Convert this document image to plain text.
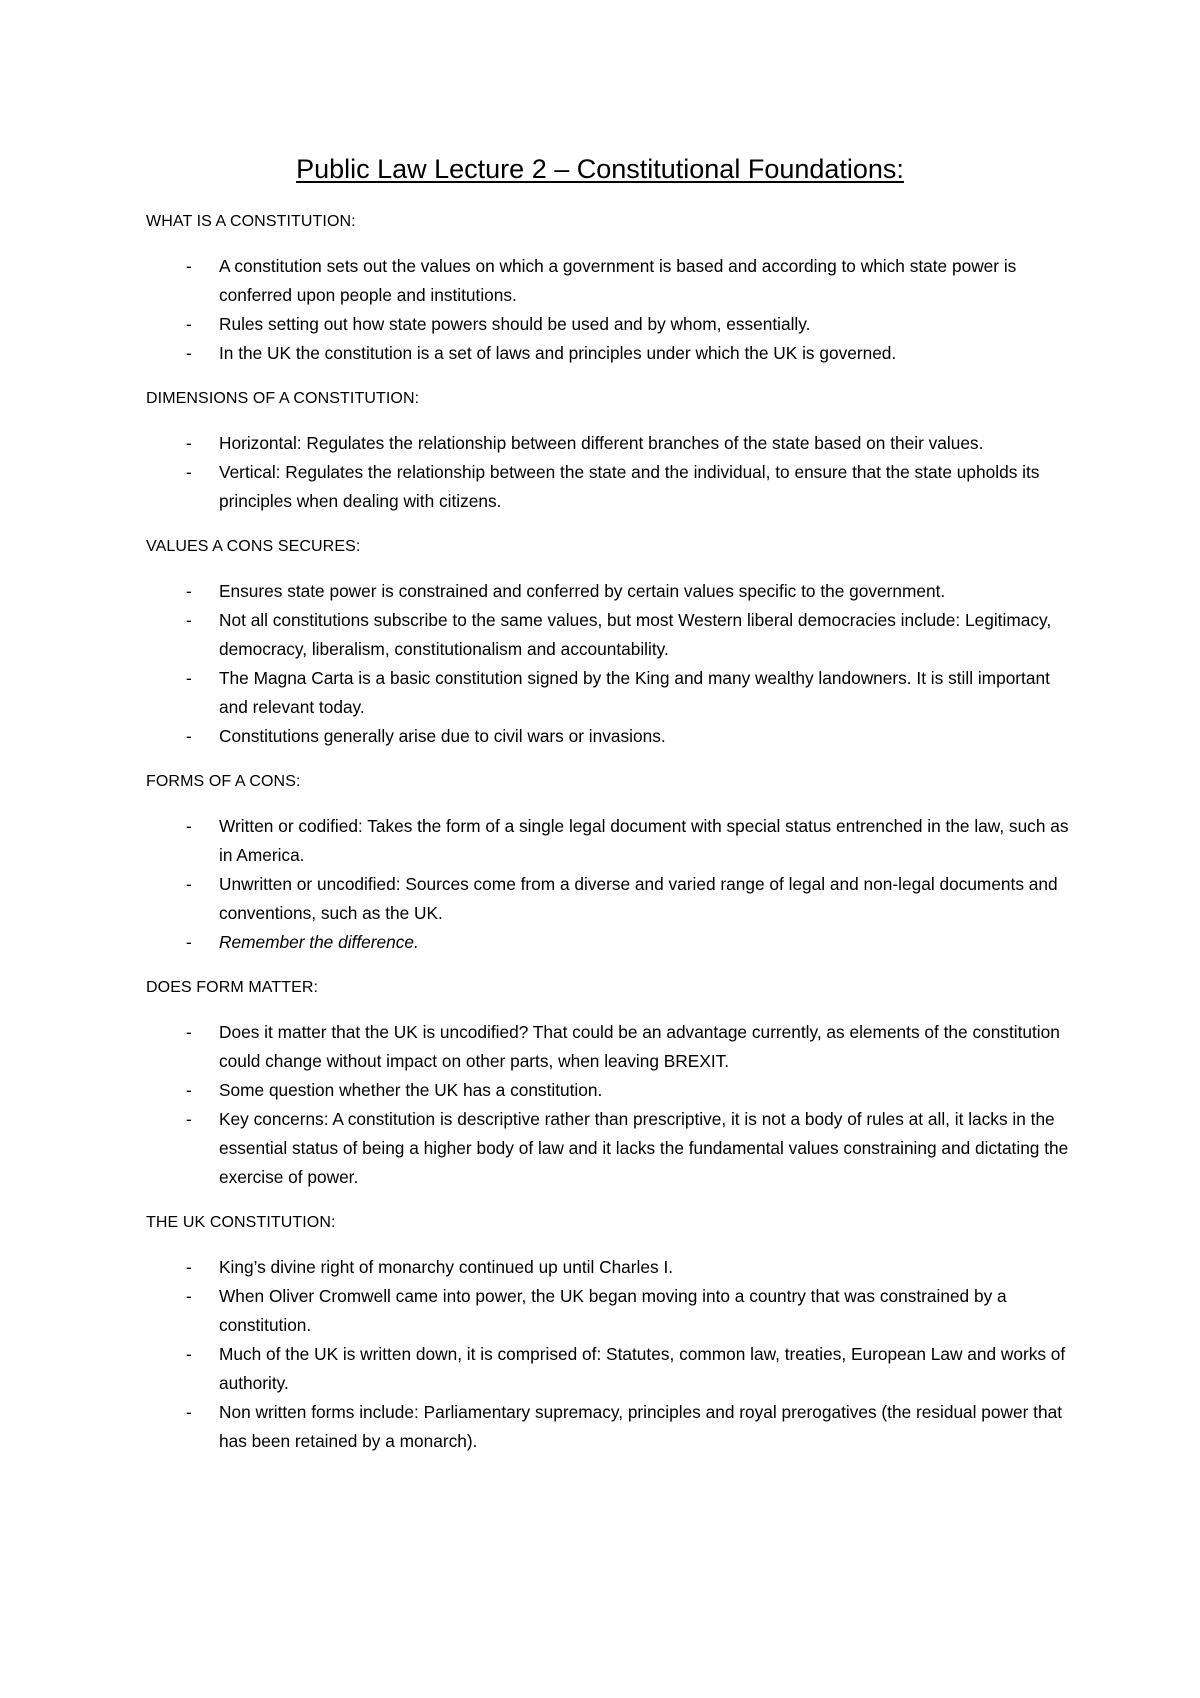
Public Law Lecture 2 – Constitutional Foundations:
WHAT IS A CONSTITUTION:
- A constitution sets out the values on which a government is based and according to which state power is conferred upon people and institutions.
- Rules setting out how state powers should be used and by whom, essentially.
- In the UK the constitution is a set of laws and principles under which the UK is governed.
DIMENSIONS OF A CONSTITUTION:
- Horizontal: Regulates the relationship between different branches of the state based on their values.
- Vertical: Regulates the relationship between the state and the individual, to ensure that the state upholds its principles when dealing with citizens.
VALUES A CONS SECURES:
- Ensures state power is constrained and conferred by certain values specific to the government.
- Not all constitutions subscribe to the same values, but most Western liberal democracies include: Legitimacy, democracy, liberalism, constitutionalism and accountability.
- The Magna Carta is a basic constitution signed by the King and many wealthy landowners. It is still important and relevant today.
- Constitutions generally arise due to civil wars or invasions.
FORMS OF A CONS:
- Written or codified: Takes the form of a single legal document with special status entrenched in the law, such as in America.
- Unwritten or uncodified: Sources come from a diverse and varied range of legal and non-legal documents and conventions, such as the UK.
- Remember the difference.
DOES FORM MATTER:
- Does it matter that the UK is uncodified? That could be an advantage currently, as elements of the constitution could change without impact on other parts, when leaving BREXIT.
- Some question whether the UK has a constitution.
- Key concerns: A constitution is descriptive rather than prescriptive, it is not a body of rules at all, it lacks in the essential status of being a higher body of law and it lacks the fundamental values constraining and dictating the exercise of power.
THE UK CONSTITUTION:
- King’s divine right of monarchy continued up until Charles I.
- When Oliver Cromwell came into power, the UK began moving into a country that was constrained by a constitution.
- Much of the UK is written down, it is comprised of: Statutes, common law, treaties, European Law and works of authority.
- Non written forms include: Parliamentary supremacy, principles and royal prerogatives (the residual power that has been retained by a monarch).
